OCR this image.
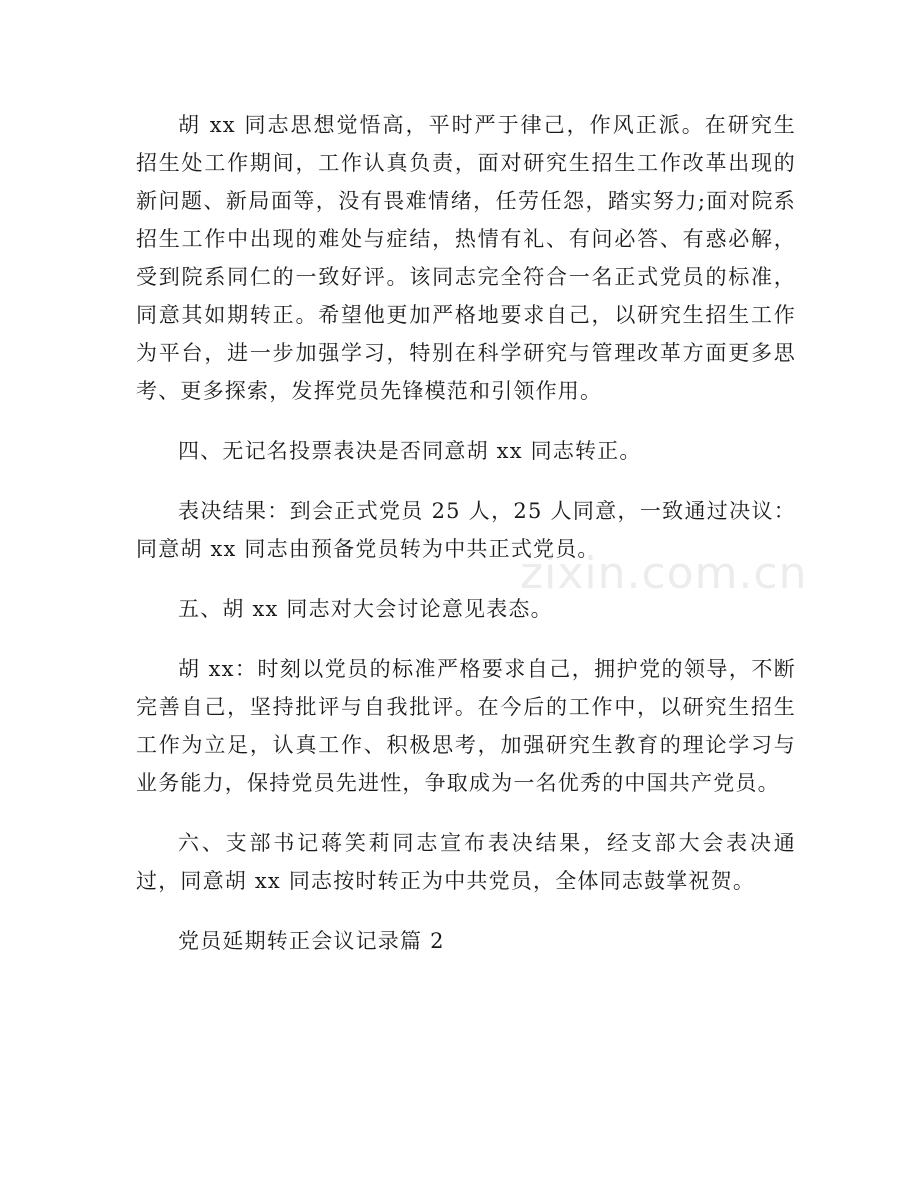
胡 xx 同志思想觉悟高，平时严于律己，作风正派。在研究生招生处工作期间，工作认真负责，面对研究生招生工作改革出现的新问题、新局面等，没有畏难情绪，任劳任怨，踏实努力;面对院系招生工作中出现的难处与症结，热情有礼、有问必答、有惑必解，受到院系同仁的一致好评。该同志完全符合一名正式党员的标准，同意其如期转正。希望他更加严格地要求自己，以研究生招生工作为平台，进一步加强学习，特别在科学研究与管理改革方面更多思考、更多探索，发挥党员先锋模范和引领作用。

四、无记名投票表决是否同意胡 xx 同志转正。

表决结果：到会正式党员 25 人，25 人同意，一致通过决议：同意胡 xx 同志由预备党员转为中共正式党员。

五、胡 xx 同志对大会讨论意见表态。

胡 xx：时刻以党员的标准严格要求自己，拥护党的领导，不断完善自己，坚持批评与自我批评。在今后的工作中，以研究生招生工作为立足，认真工作、积极思考，加强研究生教育的理论学习与业务能力，保持党员先进性，争取成为一名优秀的中国共产党员。

六、支部书记蒋笑莉同志宣布表决结果，经支部大会表决通过，同意胡 xx 同志按时转正为中共党员，全体同志鼓掌祝贺。

党员延期转正会议记录篇 2

zixin.com.cn
